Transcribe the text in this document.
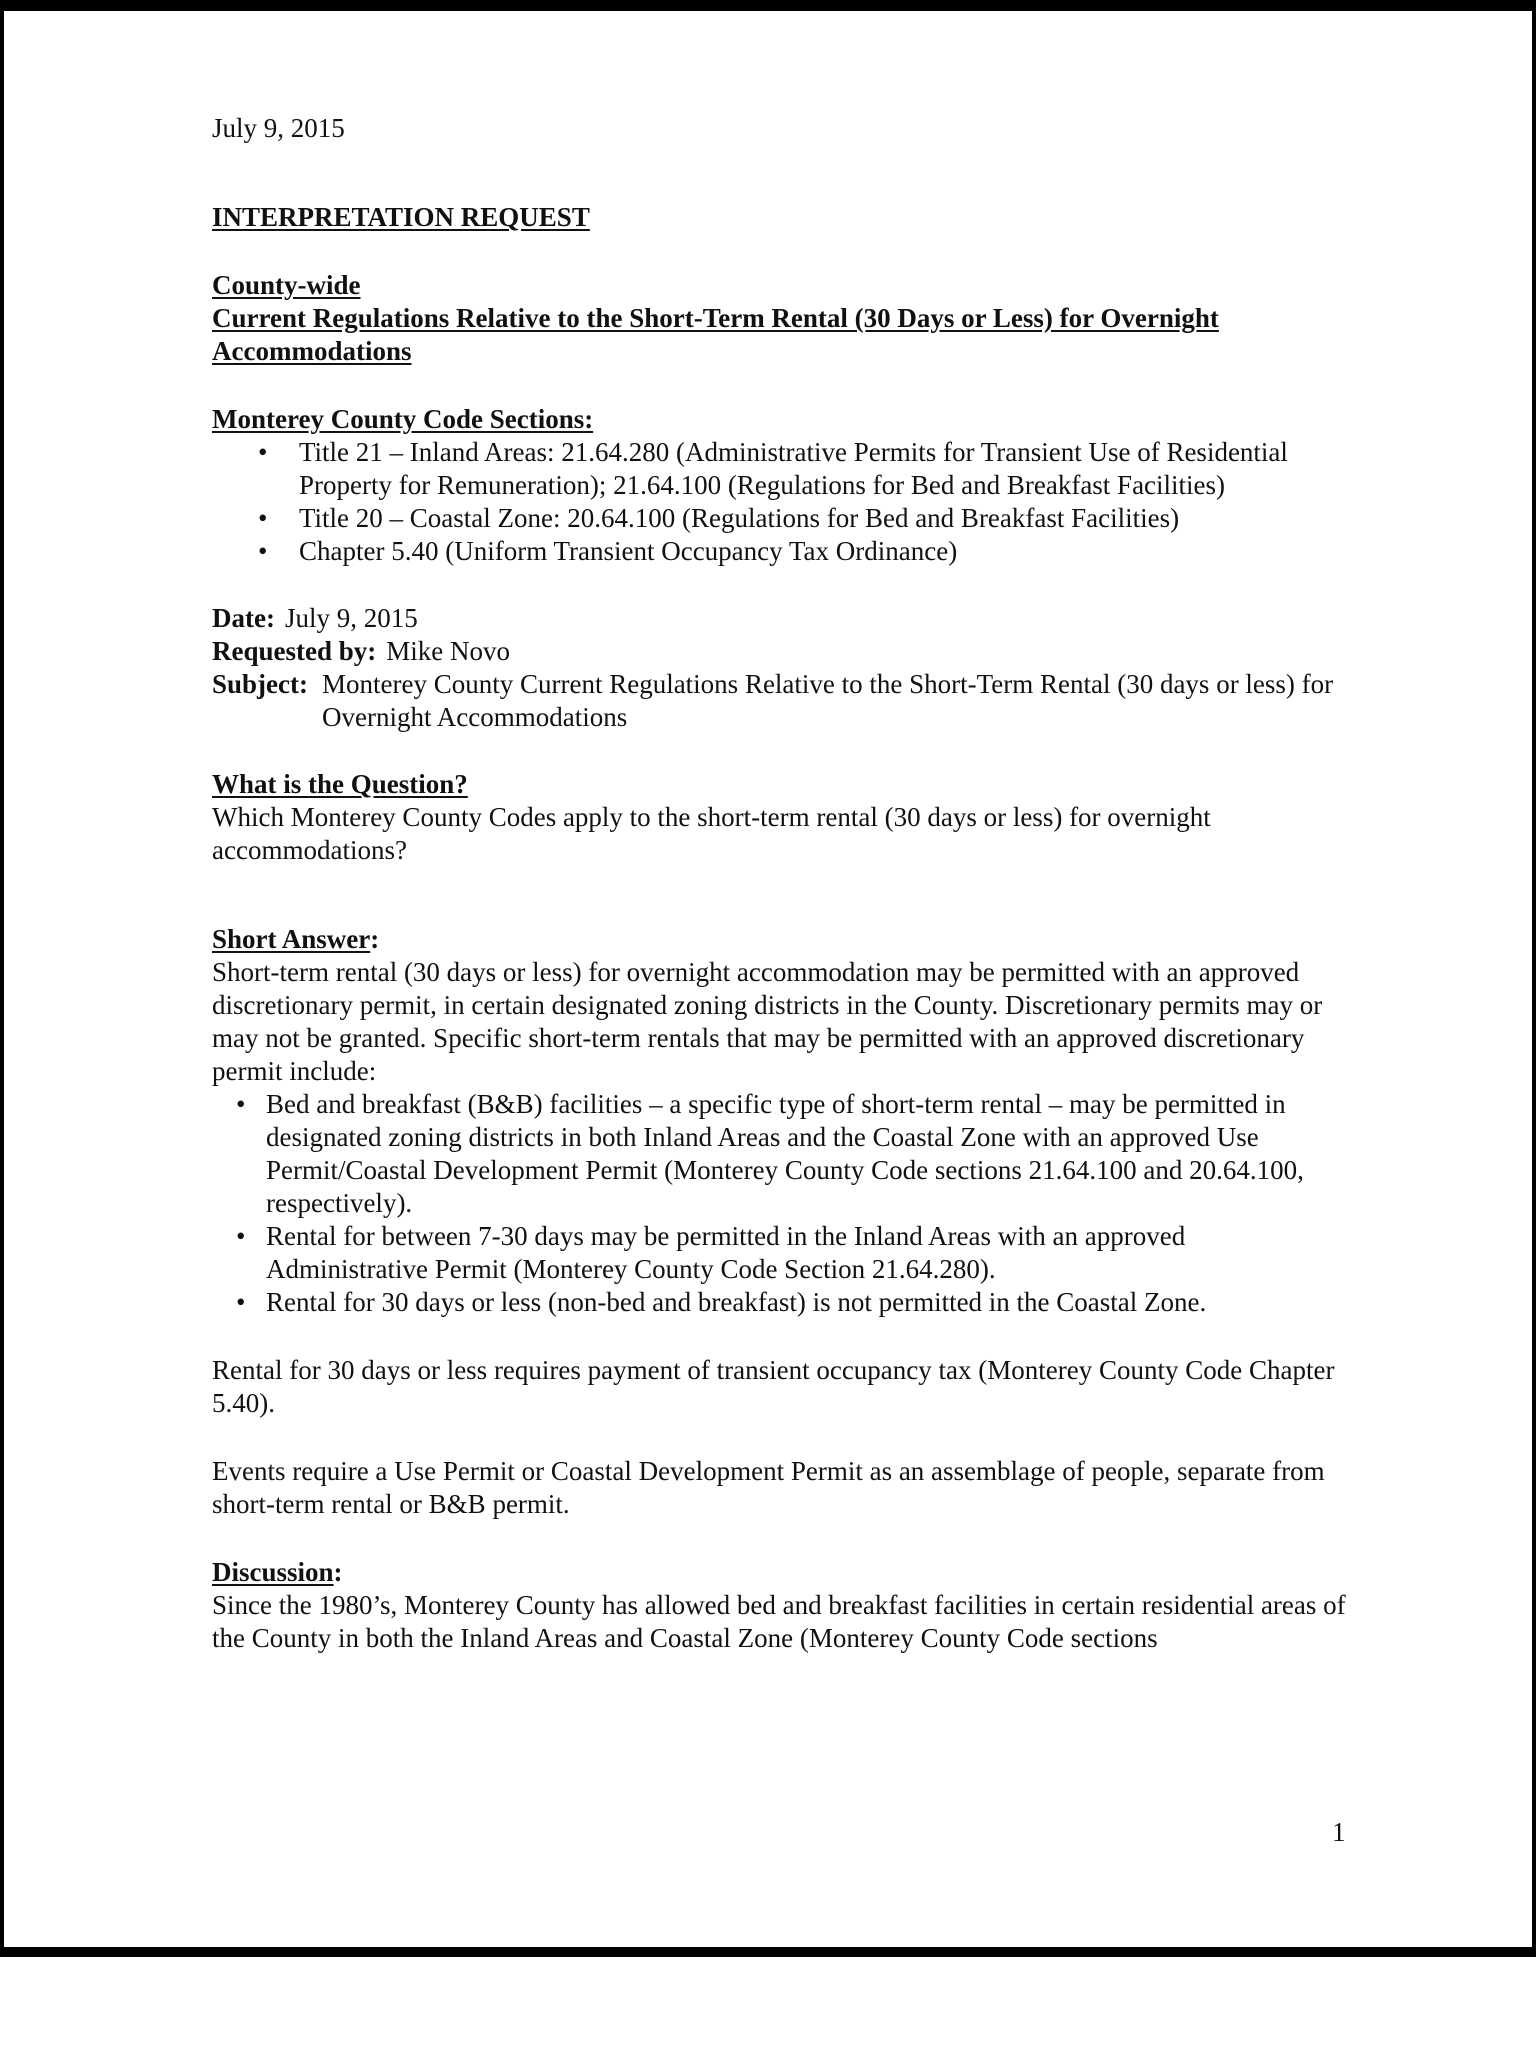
July 9, 2015

INTERPRETATION REQUEST

County-wide

Current Regulations Relative to the Short-Term Rental (30 Days or Less) for Overnight Accommodations

Monterey County Code Sections:

• Title 21 – Inland Areas: 21.64.280 (Administrative Permits for Transient Use of Residential Property for Remuneration); 21.64.100 (Regulations for Bed and Breakfast Facilities)
• Title 20 – Coastal Zone: 20.64.100 (Regulations for Bed and Breakfast Facilities)
• Chapter 5.40 (Uniform Transient Occupancy Tax Ordinance)
Date: July 9, 2015
Requested by: Mike Novo
Subject: Monterey County Current Regulations Relative to the Short-Term Rental (30 days or less) for Overnight Accommodations

What is the Question?

Which Monterey County Codes apply to the short-term rental (30 days or less) for overnight accommodations?

Short Answer:

Short-term rental (30 days or less) for overnight accommodation may be permitted with an approved discretionary permit, in certain designated zoning districts in the County. Discretionary permits may or may not be granted. Specific short-term rentals that may be permitted with an approved discretionary permit include:

• Bed and breakfast (B&B) facilities – a specific type of short-term rental – may be permitted in designated zoning districts in both Inland Areas and the Coastal Zone with an approved Use Permit/Coastal Development Permit (Monterey County Code sections 21.64.100 and 20.64.100, respectively).
• Rental for between 7-30 days may be permitted in the Inland Areas with an approved Administrative Permit (Monterey County Code Section 21.64.280).
• Rental for 30 days or less (non-bed and breakfast) is not permitted in the Coastal Zone.

Rental for 30 days or less requires payment of transient occupancy tax (Monterey County Code Chapter 5.40).

Events require a Use Permit or Coastal Development Permit as an assemblage of people, separate from short-term rental or B&B permit.

Discussion:

Since the 1980’s, Monterey County has allowed bed and breakfast facilities in certain residential areas of the County in both the Inland Areas and Coastal Zone (Monterey County Code sections

1
